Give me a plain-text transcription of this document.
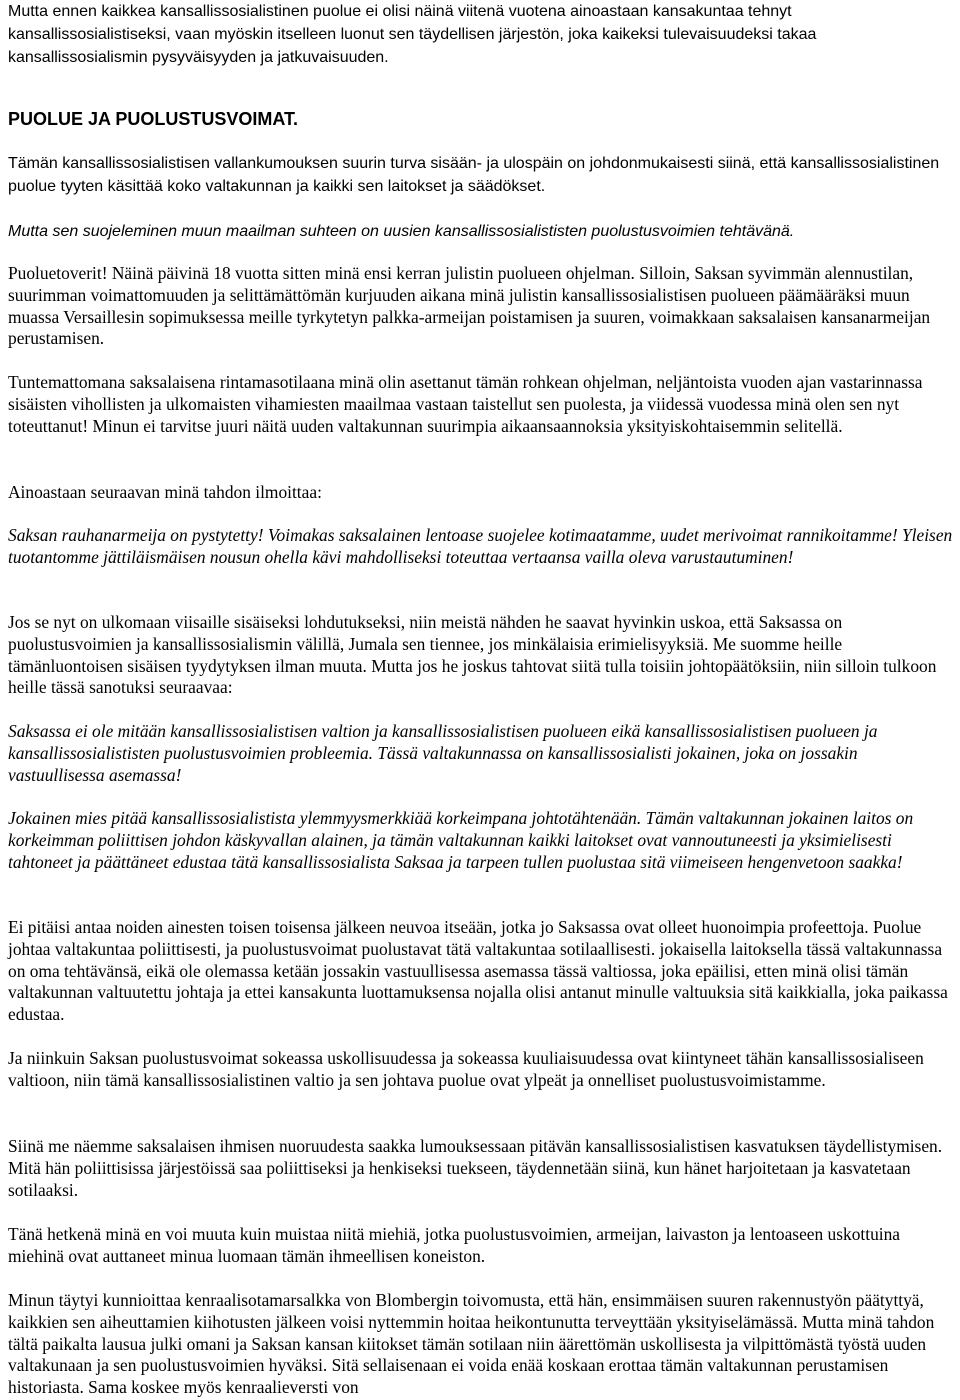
Mutta ennen kaikkea kansallissosialistinen puolue ei olisi näinä viitenä vuotena ainoastaan kansakuntaa tehnyt kansallissosialistiseksi, vaan myöskin itselleen luonut sen täydellisen järjestön, joka kaikeksi tulevaisuudeksi takaa kansallissosialismin pysyväisyyden ja jatkuvaisuuden.

PUOLUE JA PUOLUSTUSVOIMAT.

Tämän kansallissosialistisen vallankumouksen suurin turva sisään- ja ulospäin on johdonmukaisesti siinä, että kansallissosialistinen puolue tyyten käsittää koko valtakunnan ja kaikki sen laitokset ja säädökset.

Mutta sen suojeleminen muun maailman suhteen on uusien kansallissosialististen puolustusvoimien tehtävänä.

Puoluetoverit! Näinä päivinä 18 vuotta sitten minä ensi kerran julistin puolueen ohjelman. Silloin, Saksan syvimmän alennustilan, suurimman voimattomuuden ja selittämättömän kurjuuden aikana minä julistin kansallissosialistisen puolueen päämääräksi muun muassa Versaillesin sopimuksessa meille tyrkytetyn palkka-armeijan poistamisen ja suuren, voimakkaan saksalaisen kansanarmeijan perustamisen.

Tuntemattomana saksalaisena rintamasotilaana minä olin asettanut tämän rohkean ohjelman, neljäntoista vuoden ajan vastarinnassa sisäisten vihollisten ja ulkomaisten vihamiesten maailmaa vastaan taistellut sen puolesta, ja viidessä vuodessa minä olen sen nyt toteuttanut! Minun ei tarvitse juuri näitä uuden valtakunnan suurimpia aikaansaannoksia yksityiskohtaisemmin selitellä.

Ainoastaan seuraavan minä tahdon ilmoittaa:

Saksan rauhanarmeija on pystytetty! Voimakas saksalainen lentoase suojelee kotimaatamme, uudet merivoimat rannikoitamme! Yleisen tuotantomme jättiläismäisen nousun ohella kävi mahdolliseksi toteuttaa vertaansa vailla oleva varustautuminen!

Jos se nyt on ulkomaan viisaille sisäiseksi lohdutukseksi, niin meistä nähden he saavat hyvinkin uskoa, että Saksassa on puolustusvoimien ja kansallissosialismin välillä, Jumala sen tiennee, jos minkälaisia erimielisyyksiä. Me suomme heille tämänluontoisen sisäisen tyydytyksen ilman muuta. Mutta jos he joskus tahtovat siitä tulla toisiin johtopäätöksiin, niin silloin tulkoon heille tässä sanotuksi seuraavaa:

Saksassa ei ole mitään kansallissosialistisen valtion ja kansallissosialistisen puolueen eikä kansallissosialistisen puolueen ja kansallissosialististen puolustusvoimien probleemia. Tässä valtakunnassa on kansallissosialisti jokainen, joka on jossakin vastuullisessa asemassa!

Jokainen mies pitää kansallissosialistista ylemmyysmerkkiää korkeimpana johtotähtenään. Tämän valtakunnan jokainen laitos on korkeimman poliittisen johdon käskyvallan alainen, ja tämän valtakunnan kaikki laitokset ovat vannoutuneesti ja yksimielisesti tahtoneet ja päättäneet edustaa tätä kansallissosialista Saksaa ja tarpeen tullen puolustaa sitä viimeiseen hengenvetoon saakka!

Ei pitäisi antaa noiden ainesten toisen toisensa jälkeen neuvoa itseään, jotka jo Saksassa ovat olleet huonoimpia profeettoja. Puolue johtaa valtakuntaa poliittisesti, ja puolustusvoimat puolustavat tätä valtakuntaa sotilaallisesti. jokaisella laitoksella tässä valtakunnassa on oma tehtävänsä, eikä ole olemassa ketään jossakin vastuullisessa asemassa tässä valtiossa, joka epäilisi, etten minä olisi tämän valtakunnan valtuutettu johtaja ja ettei kansakunta luottamuksensa nojalla olisi antanut minulle valtuuksia sitä kaikkialla, joka paikassa edustaa.

Ja niinkuin Saksan puolustusvoimat sokeassa uskollisuudessa ja sokeassa kuuliaisuudessa ovat kiintyneet tähän kansallissosialiseen valtioon, niin tämä kansallissosialistinen valtio ja sen johtava puolue ovat ylpeät ja onnelliset puolustusvoimistamme.

Siinä me näemme saksalaisen ihmisen nuoruudesta saakka lumouksessaan pitävän kansallissosialistisen kasvatuksen täydellistymisen. Mitä hän poliittisissa järjestöissä saa poliittiseksi ja henkiseksi tuekseen, täydennetään siinä, kun hänet harjoitetaan ja kasvatetaan sotilaaksi.

Tänä hetkenä minä en voi muuta kuin muistaa niitä miehiä, jotka puolustusvoimien, armeijan, laivaston ja lentoaseen uskottuina miehinä ovat auttaneet minua luomaan tämän ihmeellisen koneiston.

Minun täytyi kunnioittaa kenraalisotamarsalkka von Blombergin toivomusta, että hän, ensimmäisen suuren rakennustyön päätyttyä, kaikkien sen aiheuttamien kiihotusten jälkeen voisi nyttemmin hoitaa heikontunutta terveyttään yksityiselämässä. Mutta minä tahdon tältä paikalta lausua julki omani ja Saksan kansan kiitokset tämän sotilaan niin äärettömän uskollisesta ja vilpittömästä työstä uuden valtakunaan ja sen puolustusvoimien hyväksi. Sitä sellaisenaan ei voida enää koskaan erottaa tämän valtakunnan perustamisen historiasta. Sama koskee myös kenraalieversti von
